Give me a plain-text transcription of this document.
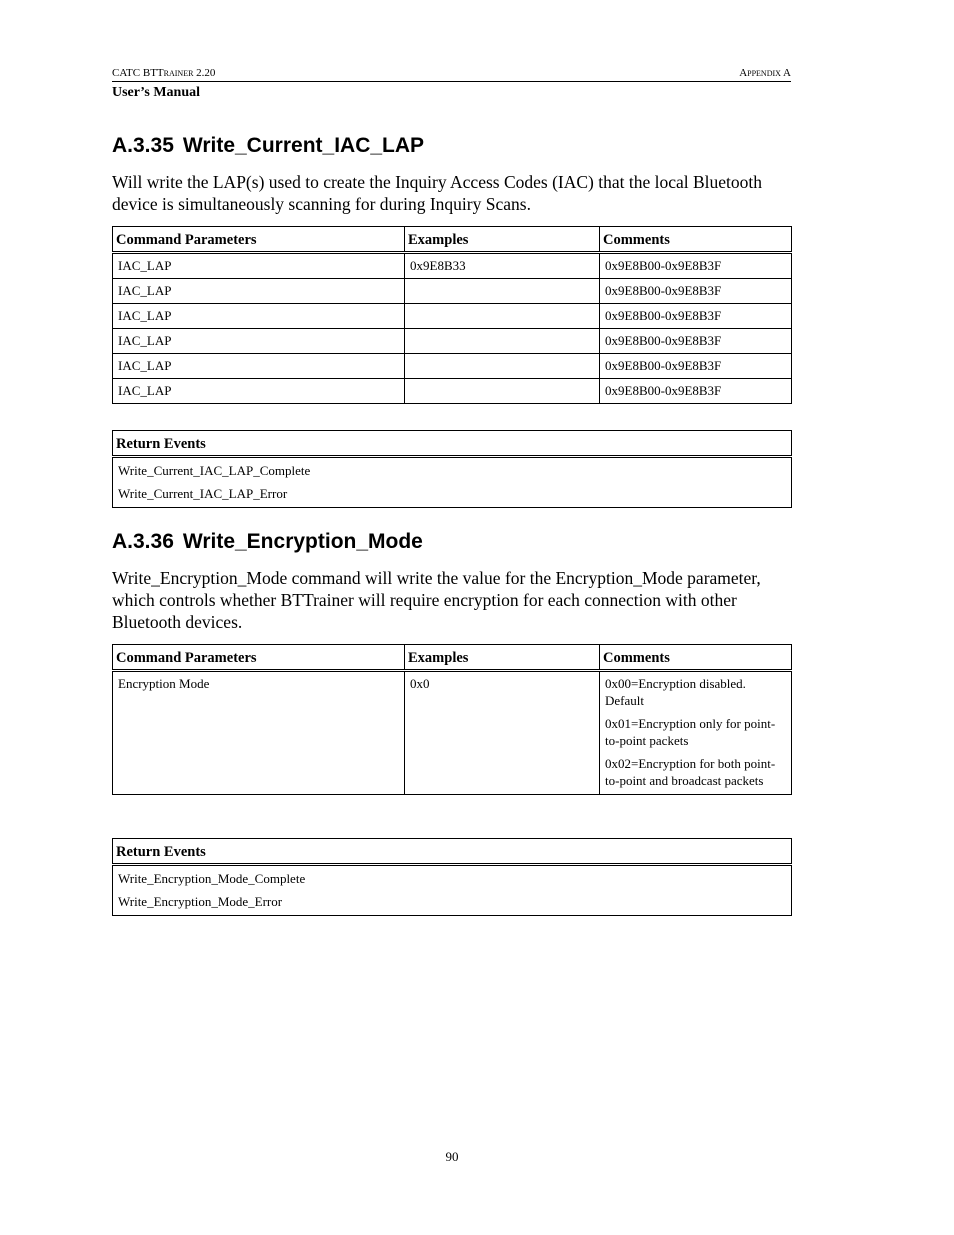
CATC BTTrainer 2.20	Appendix A
User’s Manual
A.3.35 Write_Current_IAC_LAP

Will write the LAP(s) used to create the Inquiry Access Codes (IAC) that the local Bluetooth device is simultaneously scanning for during Inquiry Scans.

Command Parameters	Examples	Comments
IAC_LAP	0x9E8B33	0x9E8B00-0x9E8B3F
IAC_LAP		0x9E8B00-0x9E8B3F
IAC_LAP		0x9E8B00-0x9E8B3F
IAC_LAP		0x9E8B00-0x9E8B3F
IAC_LAP		0x9E8B00-0x9E8B3F
IAC_LAP		0x9E8B00-0x9E8B3F
Return Events
Write_Current_IAC_LAP_Complete
Write_Current_IAC_LAP_Error
A.3.36 Write_Encryption_Mode

Write_Encryption_Mode command will write the value for the Encryption_Mode parameter, which controls whether BTTrainer will require encryption for each connection with other Bluetooth devices.

Command Parameters	Examples	Comments
Encryption Mode	0x0	0x00=Encryption disabled. Default

0x01=Encryption only for point-to-point packets

0x02=Encryption for both point-to-point and broadcast packets

Return Events
Write_Encryption_Mode_Complete
Write_Encryption_Mode_Error
90
